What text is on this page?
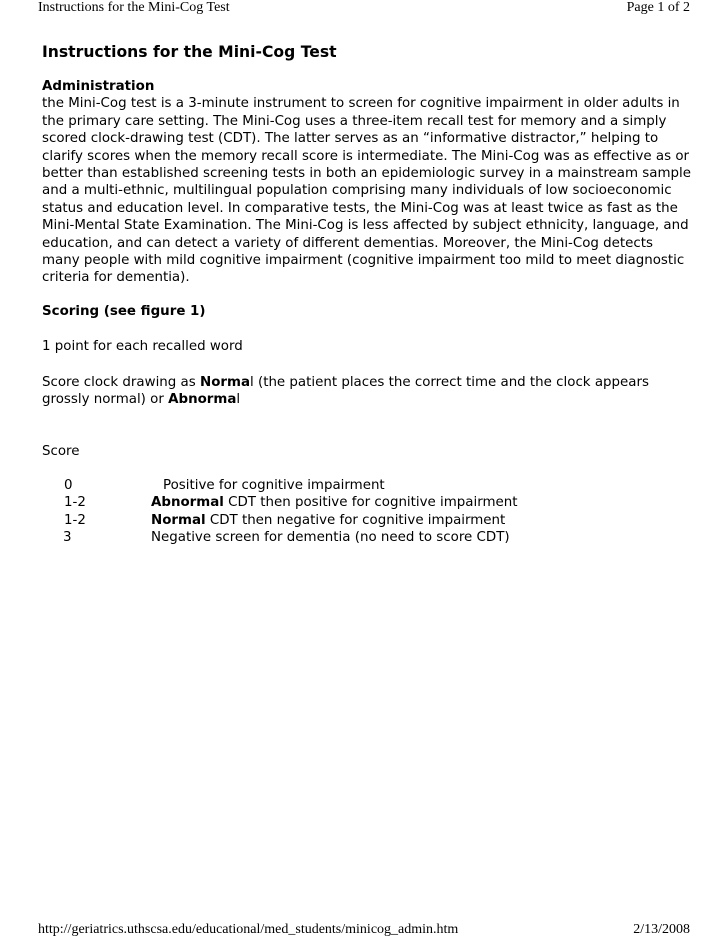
Instructions for the Mini-Cog Test	Page 1 of 2
Instructions for the Mini-Cog Test
Administration

the Mini-Cog test is a 3-minute instrument to screen for cognitive impairment in older adults in the primary care setting. The Mini-Cog uses a three-item recall test for memory and a simply scored clock-drawing test (CDT). The latter serves as an “informative distractor,” helping to clarify scores when the memory recall score is intermediate. The Mini-Cog was as effective as or better than established screening tests in both an epidemiologic survey in a mainstream sample and a multi-ethnic, multilingual population comprising many individuals of low socioeconomic status and education level. In comparative tests, the Mini-Cog was at least twice as fast as the Mini-Mental State Examination. The Mini-Cog is less affected by subject ethnicity, language, and education, and can detect a variety of different dementias. Moreover, the Mini-Cog detects many people with mild cognitive impairment (cognitive impairment too mild to meet diagnostic criteria for dementia).

Scoring (see figure 1)

1 point for each recalled word

Score clock drawing as Normal (the patient places the correct time and the clock appears grossly normal) or Abnormal

Score

0	Positive for cognitive impairment
1-2	Abnormal CDT then positive for cognitive impairment
1-2	Normal CDT then negative for cognitive impairment
3	Negative screen for dementia (no need to score CDT)
http://geriatrics.uthscsa.edu/educational/med_students/minicog_admin.htm	2/13/2008
